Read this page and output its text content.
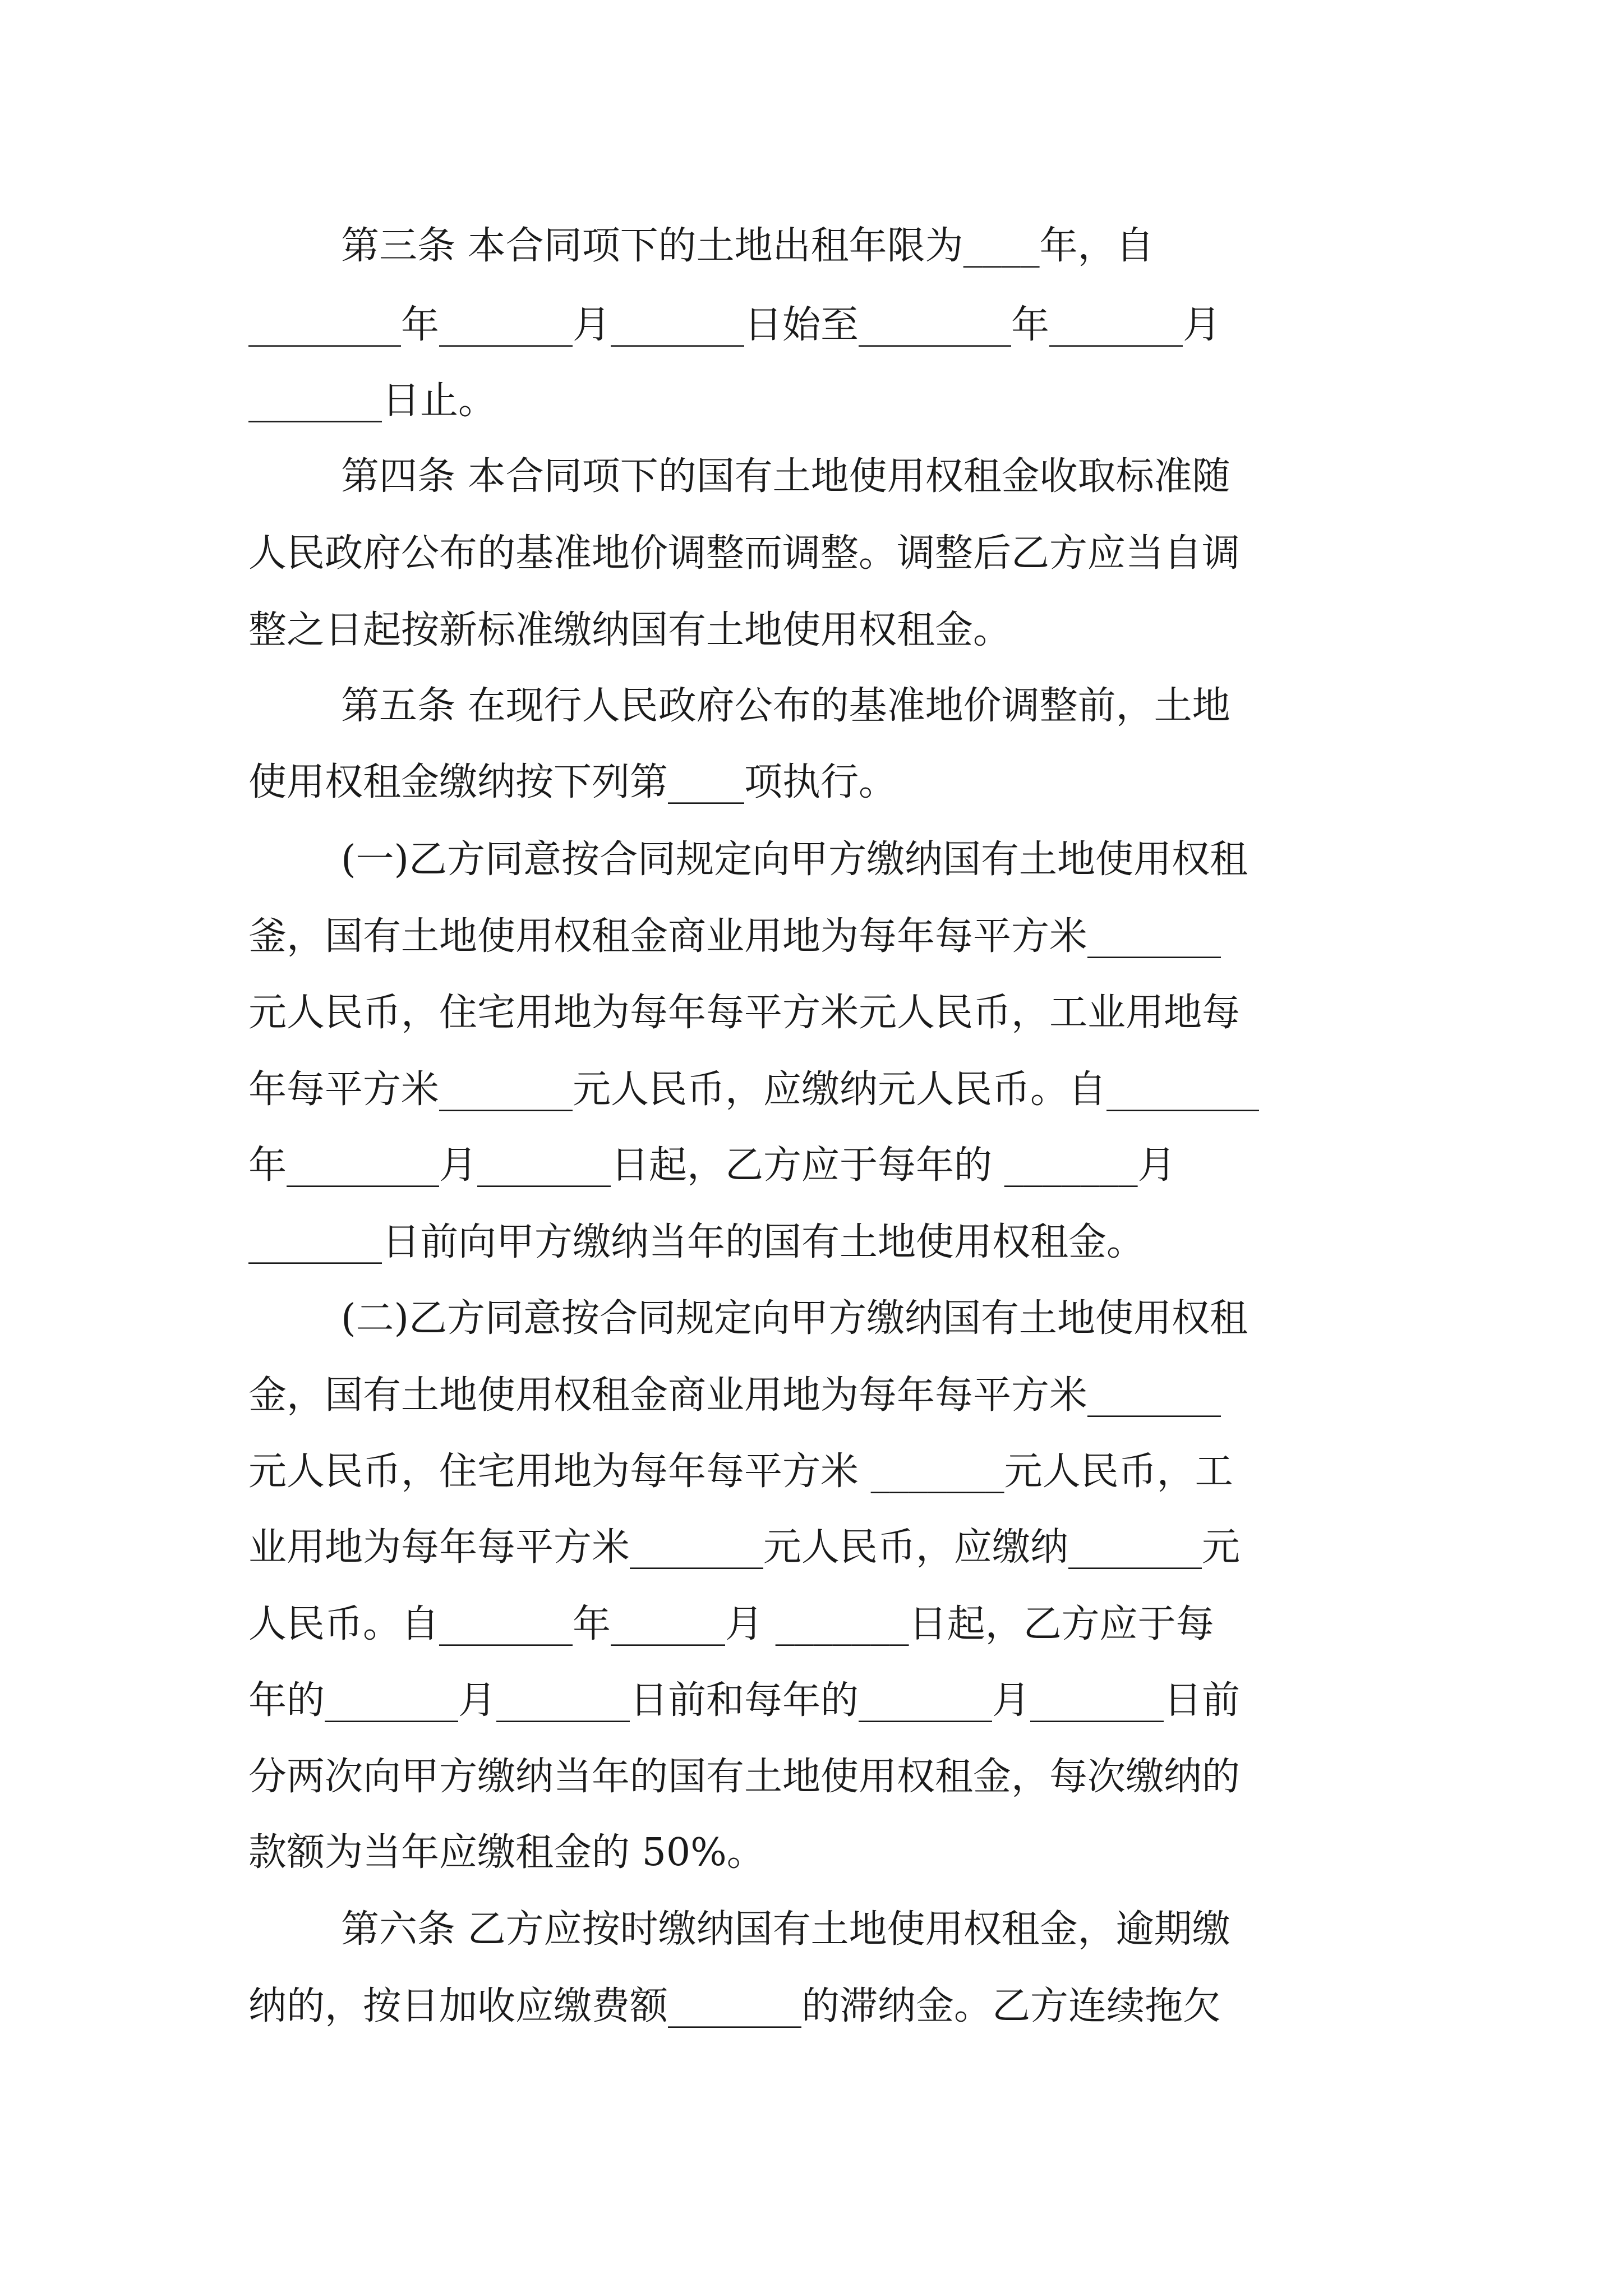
第三条 本合同项下的土地出租年限为____年，自
________年_______月_______日始至________年_______月
_______日止。
第四条 本合同项下的国有土地使用权租金收取标准随
人民政府公布的基准地价调整而调整。调整后乙方应当自调
整之日起按新标准缴纳国有土地使用权租金。
第五条 在现行人民政府公布的基准地价调整前，土地
使用权租金缴纳按下列第____项执行。
(一)乙方同意按合同规定向甲方缴纳国有土地使用权租
釜，国有土地使用权租金商业用地为每年每平方米_______
元人民币，住宅用地为每年每平方米元人民币，工业用地每
年每平方米_______元人民币，应缴纳元人民币。自________
年________月_______日起，乙方应于每年的 _______月
_______日前向甲方缴纳当年的国有土地使用权租金。
(二)乙方同意按合同规定向甲方缴纳国有土地使用权租
金，国有土地使用权租金商业用地为每年每平方米_______
元人民币，住宅用地为每年每平方米 _______元人民币，工
业用地为每年每平方米_______元人民币，应缴纳_______元
人民币。自_______年______月 _______日起，乙方应于每
年的_______月_______日前和每年的_______月_______日前
分两次向甲方缴纳当年的国有土地使用权租金，每次缴纳的
款额为当年应缴租金的 50%。
第六条 乙方应按时缴纳国有土地使用权租金，逾期缴
纳的，按日加收应缴费额_______的滞纳金。乙方连续拖欠
